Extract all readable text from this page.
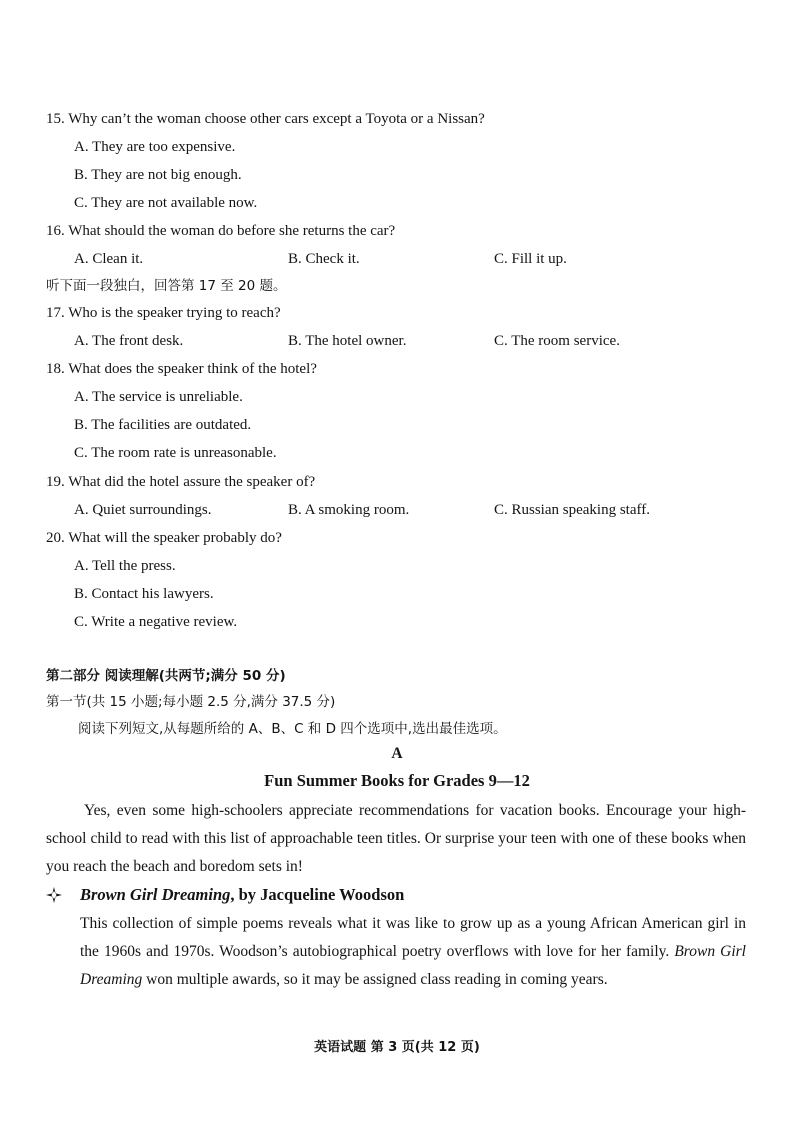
15. Why can’t the woman choose other cars except a Toyota or a Nissan?
A. They are too expensive.
B. They are not big enough.
C. They are not available now.
16. What should the woman do before she returns the car?
A. Clean it.	B. Check it.	C. Fill it up.
听下面一段独白，回答第 17 至 20 题。
17. Who is the speaker trying to reach?
A. The front desk.	B. The hotel owner.	C. The room service.
18. What does the speaker think of the hotel?
A. The service is unreliable.
B. The facilities are outdated.
C. The room rate is unreasonable.
19. What did the hotel assure the speaker of?
A. Quiet surroundings.	B. A smoking room.	C. Russian speaking staff.
20. What will the speaker probably do?
A. Tell the press.
B. Contact his lawyers.
C. Write a negative review.
第二部分 阅读理解(共两节;满分 50 分)
第一节(共 15 小题;每小题 2.5 分,满分 37.5 分)
阅读下列短文,从每题所给的 A、B、C 和 D 四个选项中,选出最佳选项。
A
Fun Summer Books for Grades 9—12
Yes, even some high-schoolers appreciate recommendations for vacation books. Encourage your high-school child to read with this list of approachable teen titles. Or surprise your teen with one of these books when you reach the beach and boredom sets in!
Brown Girl Dreaming, by Jacqueline Woodson
This collection of simple poems reveals what it was like to grow up as a young African American girl in the 1960s and 1970s. Woodson’s autobiographical poetry overflows with love for her family. Brown Girl Dreaming won multiple awards, so it may be assigned class reading in coming years.
英语试题 第 3 页(共 12 页)
